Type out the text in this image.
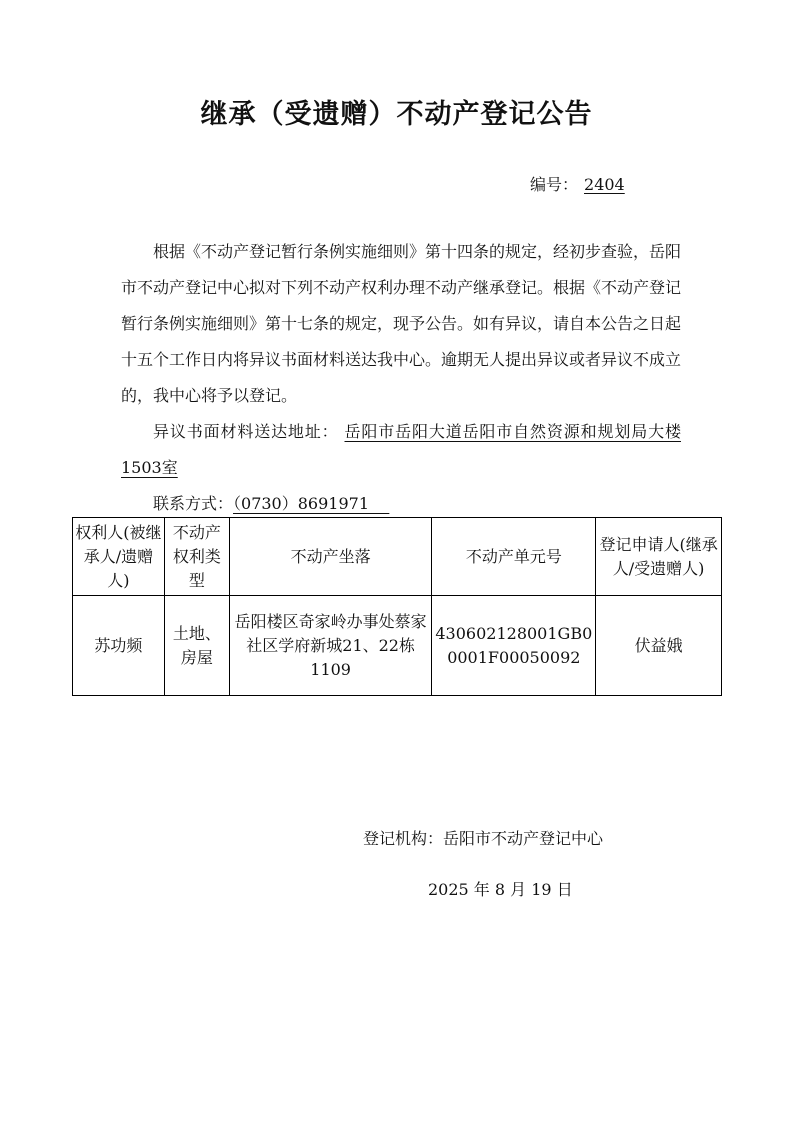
继承（受遗赠）不动产登记公告
编号： 2404

根据《不动产登记暂行条例实施细则》第十四条的规定，经初步查验，岳阳市不动产登记中心拟对下列不动产权利办理不动产继承登记。根据《不动产登记暂行条例实施细则》第十七条的规定，现予公告。如有异议，请自本公告之日起十五个工作日内将异议书面材料送达我中心。逾期无人提出异议或者异议不成立的，我中心将予以登记。

异议书面材料送达地址： 岳阳市岳阳大道岳阳市自然资源和规划局大楼1503室

联系方式：（0730）8691971

权利人(被继承人/遗赠人)	不动产权利类型	不动产坐落	不动产单元号	登记申请人(继承人/受遗赠人)
苏功频	土地、房屋	岳阳楼区奇家岭办事处蔡家社区学府新城21、22栋1109	430602128001GB00001F00050092	伏益娥
登记机构：岳阳市不动产登记中心
2025 年 8 月 19 日
